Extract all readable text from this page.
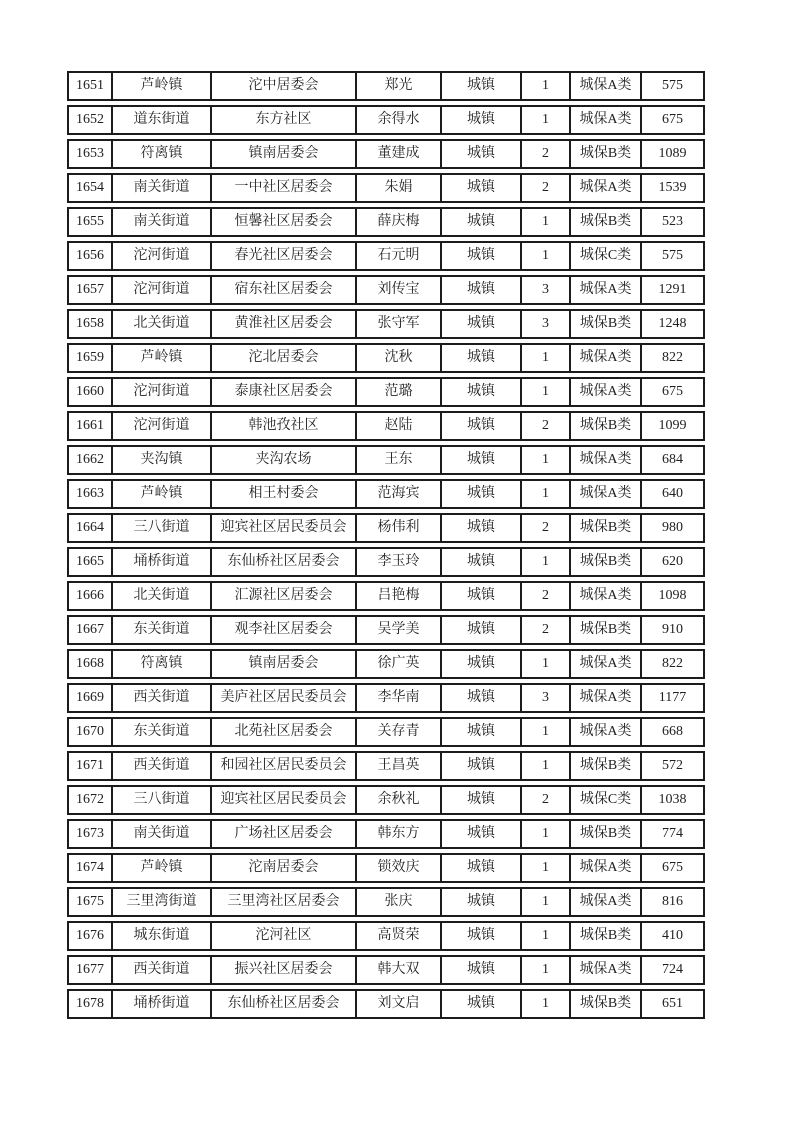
1651	芦岭镇	沱中居委会	郑光	城镇	1	城保A类	575
1652	道东街道	东方社区	余得水	城镇	1	城保A类	675
1653	符离镇	镇南居委会	董建成	城镇	2	城保B类	1089
1654	南关街道	一中社区居委会	朱娟	城镇	2	城保A类	1539
1655	南关街道	恒馨社区居委会	薛庆梅	城镇	1	城保B类	523
1656	沱河街道	春光社区居委会	石元明	城镇	1	城保C类	575
1657	沱河街道	宿东社区居委会	刘传宝	城镇	3	城保A类	1291
1658	北关街道	黄淮社区居委会	张守军	城镇	3	城保B类	1248
1659	芦岭镇	沱北居委会	沈秋	城镇	1	城保A类	822
1660	沱河街道	泰康社区居委会	范璐	城镇	1	城保A类	675
1661	沱河街道	韩池孜社区	赵陆	城镇	2	城保B类	1099
1662	夹沟镇	夹沟农场	王东	城镇	1	城保A类	684
1663	芦岭镇	相王村委会	范海宾	城镇	1	城保A类	640
1664	三八街道	迎宾社区居民委员会	杨伟利	城镇	2	城保B类	980
1665	埇桥街道	东仙桥社区居委会	李玉玲	城镇	1	城保B类	620
1666	北关街道	汇源社区居委会	吕艳梅	城镇	2	城保A类	1098
1667	东关街道	观李社区居委会	吴学美	城镇	2	城保B类	910
1668	符离镇	镇南居委会	徐广英	城镇	1	城保A类	822
1669	西关街道	美庐社区居民委员会	李华南	城镇	3	城保A类	1177
1670	东关街道	北苑社区居委会	关存青	城镇	1	城保A类	668
1671	西关街道	和园社区居民委员会	王昌英	城镇	1	城保B类	572
1672	三八街道	迎宾社区居民委员会	余秋礼	城镇	2	城保C类	1038
1673	南关街道	广场社区居委会	韩东方	城镇	1	城保B类	774
1674	芦岭镇	沱南居委会	锁效庆	城镇	1	城保A类	675
1675	三里湾街道	三里湾社区居委会	张庆	城镇	1	城保A类	816
1676	城东街道	沱河社区	高贤荣	城镇	1	城保B类	410
1677	西关街道	振兴社区居委会	韩大双	城镇	1	城保A类	724
1678	埇桥街道	东仙桥社区居委会	刘文启	城镇	1	城保B类	651
